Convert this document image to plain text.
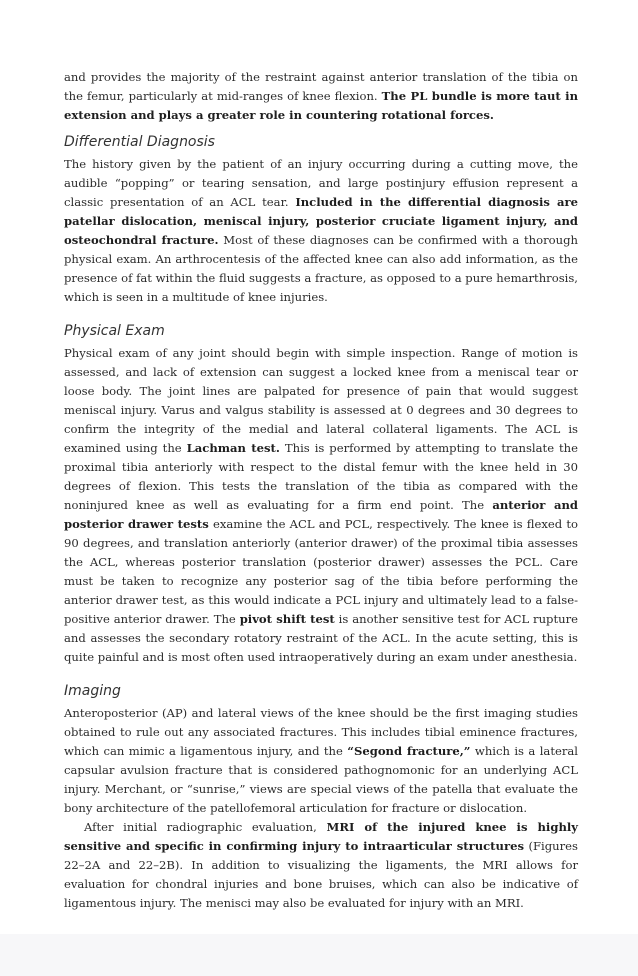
and provides the majority of the restraint against anterior translation of the tibia on the femur, particularly at mid-ranges of knee flexion. The PL bundle is more taut in extension and plays a greater role in countering rotational forces.

Differential Diagnosis

The history given by the patient of an injury occurring during a cutting move, the audible “popping” or tearing sensation, and large postinjury effusion represent a classic presentation of an ACL tear. Included in the differential diagnosis are patellar dislocation, meniscal injury, posterior cruciate ligament injury, and osteochondral fracture. Most of these diagnoses can be confirmed with a thorough physical exam. An arthrocentesis of the affected knee can also add information, as the presence of fat within the fluid suggests a fracture, as opposed to a pure hemarthrosis, which is seen in a multitude of knee injuries.

Physical Exam

Physical exam of any joint should begin with simple inspection. Range of motion is assessed, and lack of extension can suggest a locked knee from a meniscal tear or loose body. The joint lines are palpated for presence of pain that would suggest meniscal injury. Varus and valgus stability is assessed at 0 degrees and 30 degrees to confirm the integrity of the medial and lateral collateral ligaments. The ACL is examined using the Lachman test. This is performed by attempting to translate the proximal tibia anteriorly with respect to the distal femur with the knee held in 30 degrees of flexion. This tests the translation of the tibia as compared with the noninjured knee as well as evaluating for a firm end point. The anterior and posterior drawer tests examine the ACL and PCL, respectively. The knee is flexed to 90 degrees, and translation anteriorly (anterior drawer) of the proximal tibia assesses the ACL, whereas posterior translation (posterior drawer) assesses the PCL. Care must be taken to recognize any posterior sag of the tibia before performing the anterior drawer test, as this would indicate a PCL injury and ultimately lead to a false-positive anterior drawer. The pivot shift test is another sensitive test for ACL rupture and assesses the secondary rotatory restraint of the ACL. In the acute setting, this is quite painful and is most often used intraoperatively during an exam under anesthesia.

Imaging

Anteroposterior (AP) and lateral views of the knee should be the first imaging studies obtained to rule out any associated fractures. This includes tibial eminence fractures, which can mimic a ligamentous injury, and the “Segond fracture,” which is a lateral capsular avulsion fracture that is considered pathognomonic for an underlying ACL injury. Merchant, or “sunrise,” views are special views of the patella that evaluate the bony architecture of the patellofemoral articulation for fracture or dislocation.

After initial radiographic evaluation, MRI of the injured knee is highly sensitive and specific in confirming injury to intraarticular structures (Figures 22–2A and 22–2B). In addition to visualizing the ligaments, the MRI allows for evaluation for chondral injuries and bone bruises, which can also be indicative of ligamentous injury. The menisci may also be evaluated for injury with an MRI.
